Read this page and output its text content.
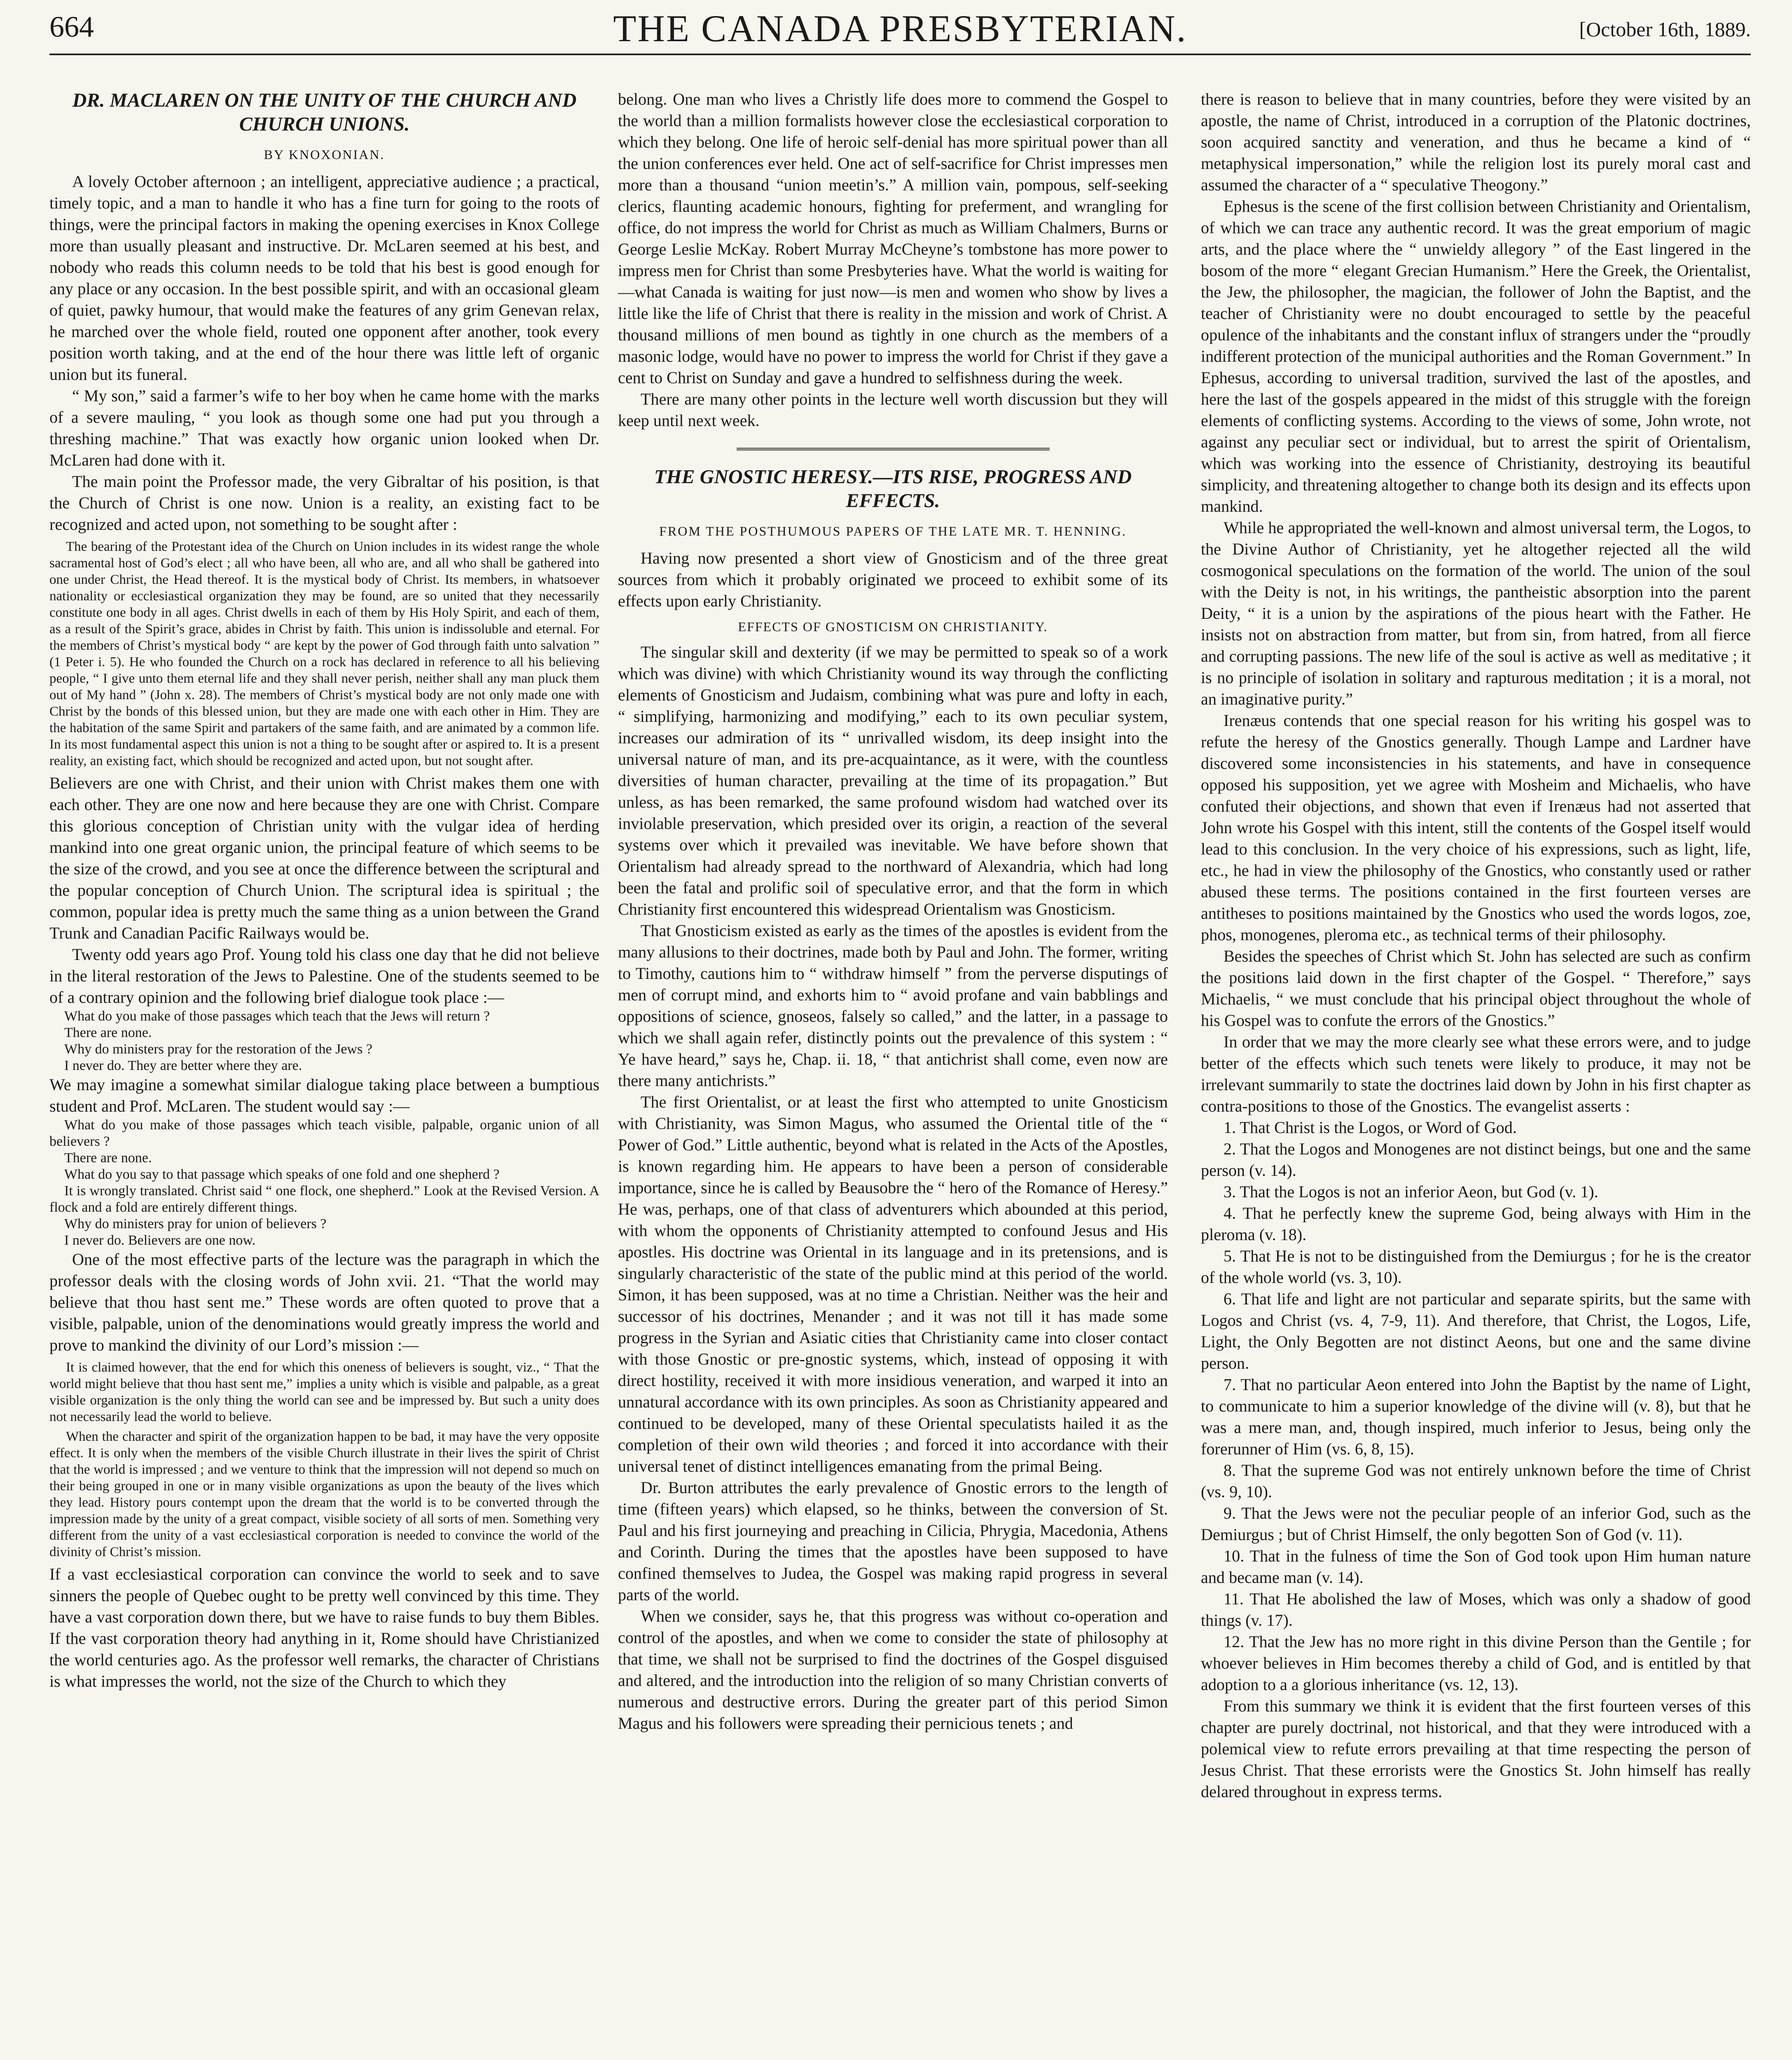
664	THE CANADA PRESBYTERIAN.	[October 16th, 1889.
DR. MACLAREN ON THE UNITY OF THE CHURCH AND CHURCH UNIONS.
BY KNOXONIAN.

A lovely October afternoon ; an intelligent, appreciative audience ; a practical, timely topic, and a man to handle it who has a fine turn for going to the roots of things, were the principal factors in making the opening exercises in Knox College more than usually pleasant and instructive. Dr. McLaren seemed at his best, and nobody who reads this column needs to be told that his best is good enough for any place or any occasion. In the best possible spirit, and with an occasional gleam of quiet, pawky humour, that would make the features of any grim Genevan relax, he marched over the whole field, routed one opponent after another, took every position worth taking, and at the end of the hour there was little left of organic union but its funeral.

“ My son,” said a farmer’s wife to her boy when he came home with the marks of a severe mauling, “ you look as though some one had put you through a threshing machine.” That was exactly how organic union looked when Dr. McLaren had done with it.

The main point the Professor made, the very Gibraltar of his position, is that the Church of Christ is one now. Union is a reality, an existing fact to be recognized and acted upon, not something to be sought after :

The bearing of the Protestant idea of the Church on Union includes in its widest range the whole sacramental host of God’s elect ; all who have been, all who are, and all who shall be gathered into one under Christ, the Head thereof. It is the mystical body of Christ. Its members, in whatsoever nationality or ecclesiastical organization they may be found, are so united that they necessarily constitute one body in all ages. Christ dwells in each of them by His Holy Spirit, and each of them, as a result of the Spirit’s grace, abides in Christ by faith. This union is indissoluble and eternal. For the members of Christ’s mystical body “ are kept by the power of God through faith unto salvation ” (1 Peter i. 5). He who founded the Church on a rock has declared in reference to all his believing people, “ I give unto them eternal life and they shall never perish, neither shall any man pluck them out of My hand ” (John x. 28). The members of Christ’s mystical body are not only made one with Christ by the bonds of this blessed union, but they are made one with each other in Him. They are the habitation of the same Spirit and partakers of the same faith, and are animated by a common life. In its most fundamental aspect this union is not a thing to be sought after or aspired to. It is a present reality, an existing fact, which should be recognized and acted upon, but not sought after.

Believers are one with Christ, and their union with Christ makes them one with each other. They are one now and here because they are one with Christ. Compare this glorious conception of Christian unity with the vulgar idea of herding mankind into one great organic union, the principal feature of which seems to be the size of the crowd, and you see at once the difference between the scriptural and the popular conception of Church Union. The scriptural idea is spiritual ; the common, popular idea is pretty much the same thing as a union between the Grand Trunk and Canadian Pacific Railways would be.

Twenty odd years ago Prof. Young told his class one day that he did not believe in the literal restoration of the Jews to Palestine. One of the students seemed to be of a contrary opinion and the following brief dialogue took place :—

What do you make of those passages which teach that the Jews will return ?

There are none.

Why do ministers pray for the restoration of the Jews ?

I never do. They are better where they are.

We may imagine a somewhat similar dialogue taking place between a bumptious student and Prof. McLaren. The student would say :—

What do you make of those passages which teach visible, palpable, organic union of all believers ?

There are none.

What do you say to that passage which speaks of one fold and one shepherd ?

It is wrongly translated. Christ said “ one flock, one shepherd.” Look at the Revised Version. A flock and a fold are entirely different things.

Why do ministers pray for union of believers ?

I never do. Believers are one now.

One of the most effective parts of the lecture was the paragraph in which the professor deals with the closing words of John xvii. 21. “That the world may believe that thou hast sent me.” These words are often quoted to prove that a visible, palpable, union of the denominations would greatly impress the world and prove to mankind the divinity of our Lord’s mission :—

It is claimed however, that the end for which this oneness of believers is sought, viz., “ That the world might believe that thou hast sent me,” implies a unity which is visible and palpable, as a great visible organization is the only thing the world can see and be impressed by. But such a unity does not necessarily lead the world to believe.

When the character and spirit of the organization happen to be bad, it may have the very opposite effect. It is only when the members of the visible Church illustrate in their lives the spirit of Christ that the world is impressed ; and we venture to think that the impression will not depend so much on their being grouped in one or in many visible organizations as upon the beauty of the lives which they lead. History pours contempt upon the dream that the world is to be converted through the impression made by the unity of a great compact, visible society of all sorts of men. Something very different from the unity of a vast ecclesiastical corporation is needed to convince the world of the divinity of Christ’s mission.

If a vast ecclesiastical corporation can convince the world to seek and to save sinners the people of Quebec ought to be pretty well convinced by this time. They have a vast corporation down there, but we have to raise funds to buy them Bibles. If the vast corporation theory had anything in it, Rome should have Christianized the world centuries ago. As the professor well remarks, the character of Christians is what impresses the world, not the size of the Church to which they

belong. One man who lives a Christly life does more to commend the Gospel to the world than a million formalists however close the ecclesiastical corporation to which they belong. One life of heroic self-denial has more spiritual power than all the union conferences ever held. One act of self-sacrifice for Christ impresses men more than a thousand “union meetin’s.” A million vain, pompous, self-seeking clerics, flaunting academic honours, fighting for preferment, and wrangling for office, do not impress the world for Christ as much as William Chalmers, Burns or George Leslie McKay. Robert Murray McCheyne’s tombstone has more power to impress men for Christ than some Presbyteries have. What the world is waiting for—what Canada is waiting for just now—is men and women who show by lives a little like the life of Christ that there is reality in the mission and work of Christ. A thousand millions of men bound as tightly in one church as the members of a masonic lodge, would have no power to impress the world for Christ if they gave a cent to Christ on Sunday and gave a hundred to selfishness during the week.

There are many other points in the lecture well worth discussion but they will keep until next week.

THE GNOSTIC HERESY.—ITS RISE, PROGRESS AND EFFECTS.
FROM THE POSTHUMOUS PAPERS OF THE LATE MR. T. HENNING.

Having now presented a short view of Gnosticism and of the three great sources from which it probably originated we proceed to exhibit some of its effects upon early Christianity.

EFFECTS OF GNOSTICISM ON CHRISTIANITY.

The singular skill and dexterity (if we may be permitted to speak so of a work which was divine) with which Christianity wound its way through the conflicting elements of Gnosticism and Judaism, combining what was pure and lofty in each, “ simplifying, harmonizing and modifying,” each to its own peculiar system, increases our admiration of its “ unrivalled wisdom, its deep insight into the universal nature of man, and its pre-acquaintance, as it were, with the countless diversities of human character, prevailing at the time of its propagation.” But unless, as has been remarked, the same profound wisdom had watched over its inviolable preservation, which presided over its origin, a reaction of the several systems over which it prevailed was inevitable. We have before shown that Orientalism had already spread to the northward of Alexandria, which had long been the fatal and prolific soil of speculative error, and that the form in which Christianity first encountered this widespread Orientalism was Gnosticism.

That Gnosticism existed as early as the times of the apostles is evident from the many allusions to their doctrines, made both by Paul and John. The former, writing to Timothy, cautions him to “ withdraw himself ” from the perverse disputings of men of corrupt mind, and exhorts him to “ avoid profane and vain babblings and oppositions of science, gnoseos, falsely so called,” and the latter, in a passage to which we shall again refer, distinctly points out the prevalence of this system : “ Ye have heard,” says he, Chap. ii. 18, “ that antichrist shall come, even now are there many antichrists.”

The first Orientalist, or at least the first who attempted to unite Gnosticism with Christianity, was Simon Magus, who assumed the Oriental title of the “ Power of God.” Little authentic, beyond what is related in the Acts of the Apostles, is known regarding him. He appears to have been a person of considerable importance, since he is called by Beausobre the “ hero of the Romance of Heresy.” He was, perhaps, one of that class of adventurers which abounded at this period, with whom the opponents of Christianity attempted to confound Jesus and His apostles. His doctrine was Oriental in its language and in its pretensions, and is singularly characteristic of the state of the public mind at this period of the world. Simon, it has been supposed, was at no time a Christian. Neither was the heir and successor of his doctrines, Menander ; and it was not till it has made some progress in the Syrian and Asiatic cities that Christianity came into closer contact with those Gnostic or pre-gnostic systems, which, instead of opposing it with direct hostility, received it with more insidious veneration, and warped it into an unnatural accordance with its own principles. As soon as Christianity appeared and continued to be developed, many of these Oriental speculatists hailed it as the completion of their own wild theories ; and forced it into accordance with their universal tenet of distinct intelligences emanating from the primal Being.

Dr. Burton attributes the early prevalence of Gnostic errors to the length of time (fifteen years) which elapsed, so he thinks, between the conversion of St. Paul and his first journeying and preaching in Cilicia, Phrygia, Macedonia, Athens and Corinth. During the times that the apostles have been supposed to have confined themselves to Judea, the Gospel was making rapid progress in several parts of the world.

When we consider, says he, that this progress was without co-operation and control of the apostles, and when we come to consider the state of philosophy at that time, we shall not be surprised to find the doctrines of the Gospel disguised and altered, and the introduction into the religion of so many Christian converts of numerous and destructive errors. During the greater part of this period Simon Magus and his followers were spreading their pernicious tenets ; and

there is reason to believe that in many countries, before they were visited by an apostle, the name of Christ, introduced in a corruption of the Platonic doctrines, soon acquired sanctity and veneration, and thus he became a kind of “ metaphysical impersonation,” while the religion lost its purely moral cast and assumed the character of a “ speculative Theogony.”

Ephesus is the scene of the first collision between Christianity and Orientalism, of which we can trace any authentic record. It was the great emporium of magic arts, and the place where the “ unwieldy allegory ” of the East lingered in the bosom of the more “ elegant Grecian Humanism.” Here the Greek, the Orientalist, the Jew, the philosopher, the magician, the follower of John the Baptist, and the teacher of Christianity were no doubt encouraged to settle by the peaceful opulence of the inhabitants and the constant influx of strangers under the “proudly indifferent protection of the municipal authorities and the Roman Government.” In Ephesus, according to universal tradition, survived the last of the apostles, and here the last of the gospels appeared in the midst of this struggle with the foreign elements of conflicting systems. According to the views of some, John wrote, not against any peculiar sect or individual, but to arrest the spirit of Orientalism, which was working into the essence of Christianity, destroying its beautiful simplicity, and threatening altogether to change both its design and its effects upon mankind.

While he appropriated the well-known and almost universal term, the Logos, to the Divine Author of Christianity, yet he altogether rejected all the wild cosmogonical speculations on the formation of the world. The union of the soul with the Deity is not, in his writings, the pantheistic absorption into the parent Deity, “ it is a union by the aspirations of the pious heart with the Father. He insists not on abstraction from matter, but from sin, from hatred, from all fierce and corrupting passions. The new life of the soul is active as well as meditative ; it is no principle of isolation in solitary and rapturous meditation ; it is a moral, not an imaginative purity.”

Irenæus contends that one special reason for his writing his gospel was to refute the heresy of the Gnostics generally. Though Lampe and Lardner have discovered some inconsistencies in his statements, and have in consequence opposed his supposition, yet we agree with Mosheim and Michaelis, who have confuted their objections, and shown that even if Irenæus had not asserted that John wrote his Gospel with this intent, still the contents of the Gospel itself would lead to this conclusion. In the very choice of his expressions, such as light, life, etc., he had in view the philosophy of the Gnostics, who constantly used or rather abused these terms. The positions contained in the first fourteen verses are antitheses to positions maintained by the Gnostics who used the words logos, zoe, phos, monogenes, pleroma etc., as technical terms of their philosophy.

Besides the speeches of Christ which St. John has selected are such as confirm the positions laid down in the first chapter of the Gospel. “ Therefore,” says Michaelis, “ we must conclude that his principal object throughout the whole of his Gospel was to confute the errors of the Gnostics.”

In order that we may the more clearly see what these errors were, and to judge better of the effects which such tenets were likely to produce, it may not be irrelevant summarily to state the doctrines laid down by John in his first chapter as contra-positions to those of the Gnostics. The evangelist asserts :

1. That Christ is the Logos, or Word of God.

2. That the Logos and Monogenes are not distinct beings, but one and the same person (v. 14).

3. That the Logos is not an inferior Aeon, but God (v. 1).

4. That he perfectly knew the supreme God, being always with Him in the pleroma (v. 18).

5. That He is not to be distinguished from the Demiurgus ; for he is the creator of the whole world (vs. 3, 10).

6. That life and light are not particular and separate spirits, but the same with Logos and Christ (vs. 4, 7-9, 11). And therefore, that Christ, the Logos, Life, Light, the Only Begotten are not distinct Aeons, but one and the same divine person.

7. That no particular Aeon entered into John the Baptist by the name of Light, to communicate to him a superior knowledge of the divine will (v. 8), but that he was a mere man, and, though inspired, much inferior to Jesus, being only the forerunner of Him (vs. 6, 8, 15).

8. That the supreme God was not entirely unknown before the time of Christ (vs. 9, 10).

9. That the Jews were not the peculiar people of an inferior God, such as the Demiurgus ; but of Christ Himself, the only begotten Son of God (v. 11).

10. That in the fulness of time the Son of God took upon Him human nature and became man (v. 14).

11. That He abolished the law of Moses, which was only a shadow of good things (v. 17).

12. That the Jew has no more right in this divine Person than the Gentile ; for whoever believes in Him becomes thereby a child of God, and is entitled by that adoption to a a glorious inheritance (vs. 12, 13).

From this summary we think it is evident that the first fourteen verses of this chapter are purely doctrinal, not historical, and that they were introduced with a polemical view to refute errors prevailing at that time respecting the person of Jesus Christ. That these errorists were the Gnostics St. John himself has really delared throughout in express terms.
